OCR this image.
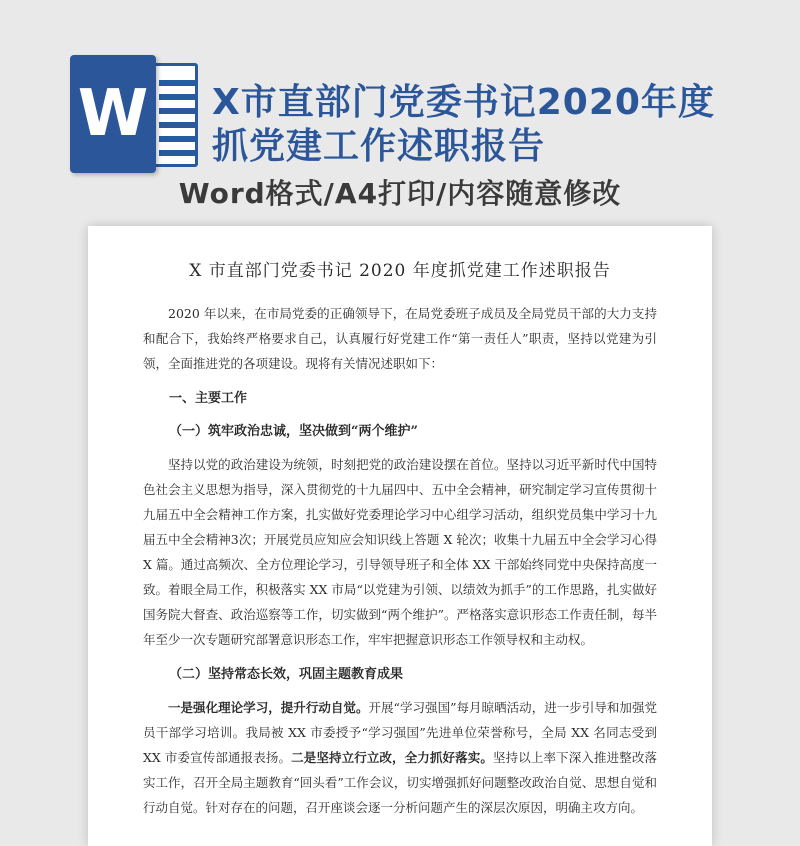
W X市直部门党委书记2020年度
抓党建工作述职报告
Word格式/A4打印/内容随意修改
X 市直部门党委书记 2020 年度抓党建工作述职报告

2020 年以来，在市局党委的正确领导下，在局党委班子成员及全局党员干部的大力支持和配合下，我始终严格要求自己，认真履行好党建工作“第一责任人”职责，坚持以党建为引领，全面推进党的各项建设。现将有关情况述职如下：

一、主要工作
（一）筑牢政治忠诚，坚决做到“两个维护”

坚持以党的政治建设为统领，时刻把党的政治建设摆在首位。坚持以习近平新时代中国特色社会主义思想为指导，深入贯彻党的十九届四中、五中全会精神，研究制定学习宣传贯彻十九届五中全会精神工作方案，扎实做好党委理论学习中心组学习活动，组织党员集中学习十九届五中全会精神3次；开展党员应知应会知识线上答题 X 轮次；收集十九届五中全会学习心得 X 篇。通过高频次、全方位理论学习，引导领导班子和全体 XX 干部始终同党中央保持高度一致。着眼全局工作，积极落实 XX 市局“以党建为引领、以绩效为抓手”的工作思路，扎实做好国务院大督查、政治巡察等工作，切实做到“两个维护”。严格落实意识形态工作责任制，每半年至少一次专题研究部署意识形态工作，牢牢把握意识形态工作领导权和主动权。

（二）坚持常态长效，巩固主题教育成果

一是强化理论学习，提升行动自觉。开展“学习强国”每月晾晒活动，进一步引导和加强党员干部学习培训。我局被 XX 市委授予“学习强国”先进单位荣誉称号，全局 XX 名同志受到 XX 市委宣传部通报表扬。二是坚持立行立改，全力抓好落实。坚持以上率下深入推进整改落实工作，召开全局主题教育“回头看”工作会议，切实增强抓好问题整改政治自觉、思想自觉和行动自觉。针对存在的问题，召开座谈会逐一分析问题产生的深层次原因，明确主攻方向。
